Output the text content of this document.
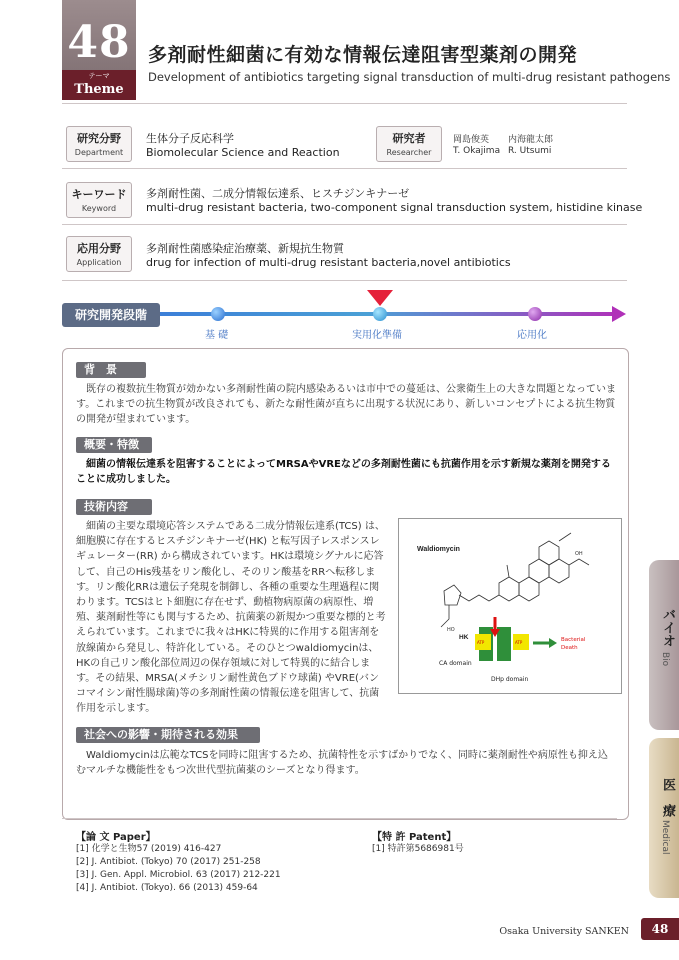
48
テーマ
Theme
多剤耐性細菌に有効な情報伝達阻害型薬剤の開発
Development of antibiotics targeting signal transduction of multi-drug resistant pathogens
研究分野
Department
生体分子反応科学
Biomolecular Science and Reaction
研究者
Researcher
岡島俊英 内海龍太郎
T. Okajima R. Utsumi
キーワード
Keyword
多剤耐性菌、二成分情報伝達系、ヒスチジンキナーゼ
multi-drug resistant bacteria, two-component signal transduction system, histidine kinase
応用分野
Application
多剤耐性菌感染症治療薬、新規抗生物質
drug for infection of multi-drug resistant bacteria,novel antibiotics
研究開発段階
基 礎	実用化準備	応用化
背　景
既存の複数抗生物質が効かない多剤耐性菌の院内感染あるいは市中での蔓延は、公衆衛生上の大きな問題となっています。これまでの抗生物質が改良されても、新たな耐性菌が直ちに出現する状況にあり、新しいコンセプトによる抗生物質の開発が望まれています。
概要・特徴
細菌の情報伝達系を阻害することによってMRSAやVREなどの多剤耐性菌にも抗菌作用を示す新規な薬剤を開発することに成功しました。
技術内容
細菌の主要な環境応答システムである二成分情報伝達系(TCS) は、細胞膜に存在するヒスチジンキナーゼ(HK) と転写因子レスポンスレギュレーター(RR) から構成されています。HKは環境シグナルに応答して、自己のHis残基をリン酸化し、そのリン酸基をRRへ転移します。リン酸化RRは遺伝子発現を制御し、各種の重要な生理過程に関わります。TCSはヒト細胞に存在せず、動植物病原菌の病原性、増殖、薬剤耐性等にも関与するため、抗菌薬の新規かつ重要な標的と考えられています。これまでに我々はHKに特異的に作用する阻害剤を放線菌から発見し、特許化している。そのひとつwaldiomycinは、HKの自己リン酸化部位周辺の保存領域に対して特異的に結合します。その結果、MRSA(メチシリン耐性黄色ブドウ球菌) やVRE(バンコマイシン耐性腸球菌)等の多剤耐性菌の情報伝達を阻害して、抗菌作用を示します。
Waldiomycin
HO
OH
HK
ATP	ATP	Bacterial
Death
CA domain
DHp domain
社会への影響・期待される効果
Waldiomycinは広範なTCSを同時に阻害するため、抗菌特性を示すばかりでなく、同時に薬剤耐性や病原性も抑え込むマルチな機能性をもつ次世代型抗菌薬のシーズとなり得ます。
バイオ
Bio
医　療
Medical
【論 文 Paper】
[1] 化学と生物57 (2019) 416-427
[2] J. Antibiot. (Tokyo) 70 (2017) 251-258
[3] J. Gen. Appl. Microbiol. 63 (2017) 212-221
[4] J. Antibiot. (Tokyo). 66 (2013) 459-64
【特 許 Patent】
[1] 特許第5686981号
Osaka University SANKEN	48
